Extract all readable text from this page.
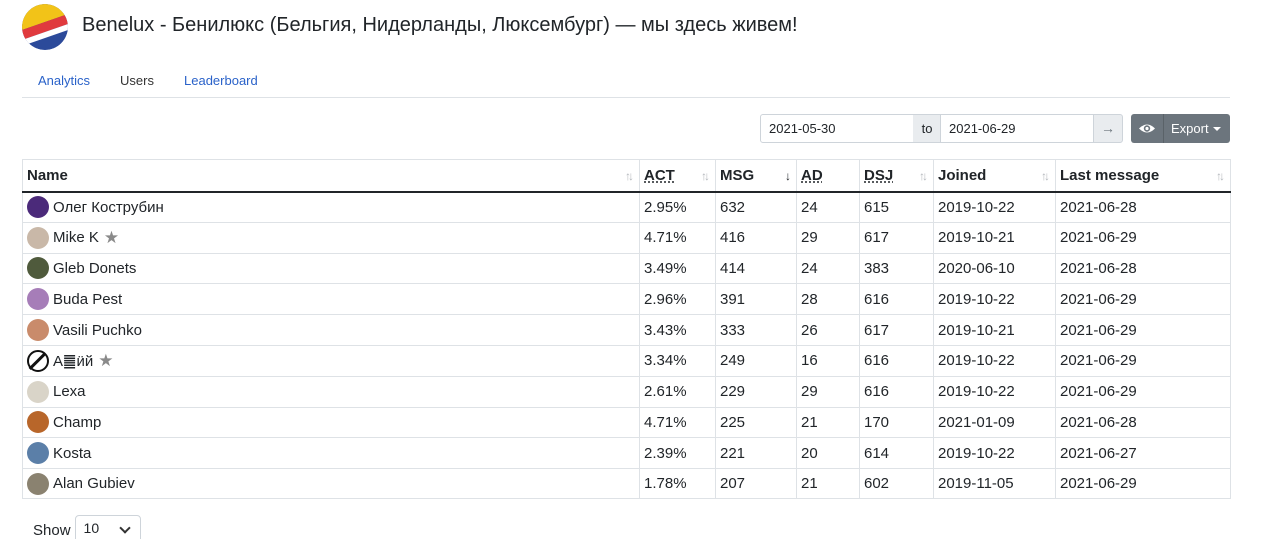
Benelux - Бенилюкс (Бельгия, Нидерланды, Люксембург) — мы здесь живем!
Analytics Users Leaderboard
2021-05-30	to	2021-06-29	→	Export
Name ↑↓	ACT ↑↓	MSG ↓	AD	DSJ ↑↓	Joined ↑↓	Last message ↑↓

Олег Кострубин	2.95%	632	24	615	2019-10-22	2021-06-28

Mike K ★	4.71%	416	29	617	2019-10-21	2021-06-29

Gleb Donets	3.49%	414	24	383	2020-06-10	2021-06-28

Buda Pest	2.96%	391	28	616	2019-10-22	2021-06-29

Vasili Puchko	3.43%	333	26	617	2019-10-21	2021-06-29

A䷀ӥй ★	3.34%	249	16	616	2019-10-22	2021-06-29

Lexa	2.61%	229	29	616	2019-10-22	2021-06-29

Champ	4.71%	225	21	170	2021-01-09	2021-06-28

Kosta	2.39%	221	20	614	2019-10-22	2021-06-27

Alan Gubiev	1.78%	207	21	602	2019-11-05	2021-06-29
Show 10
